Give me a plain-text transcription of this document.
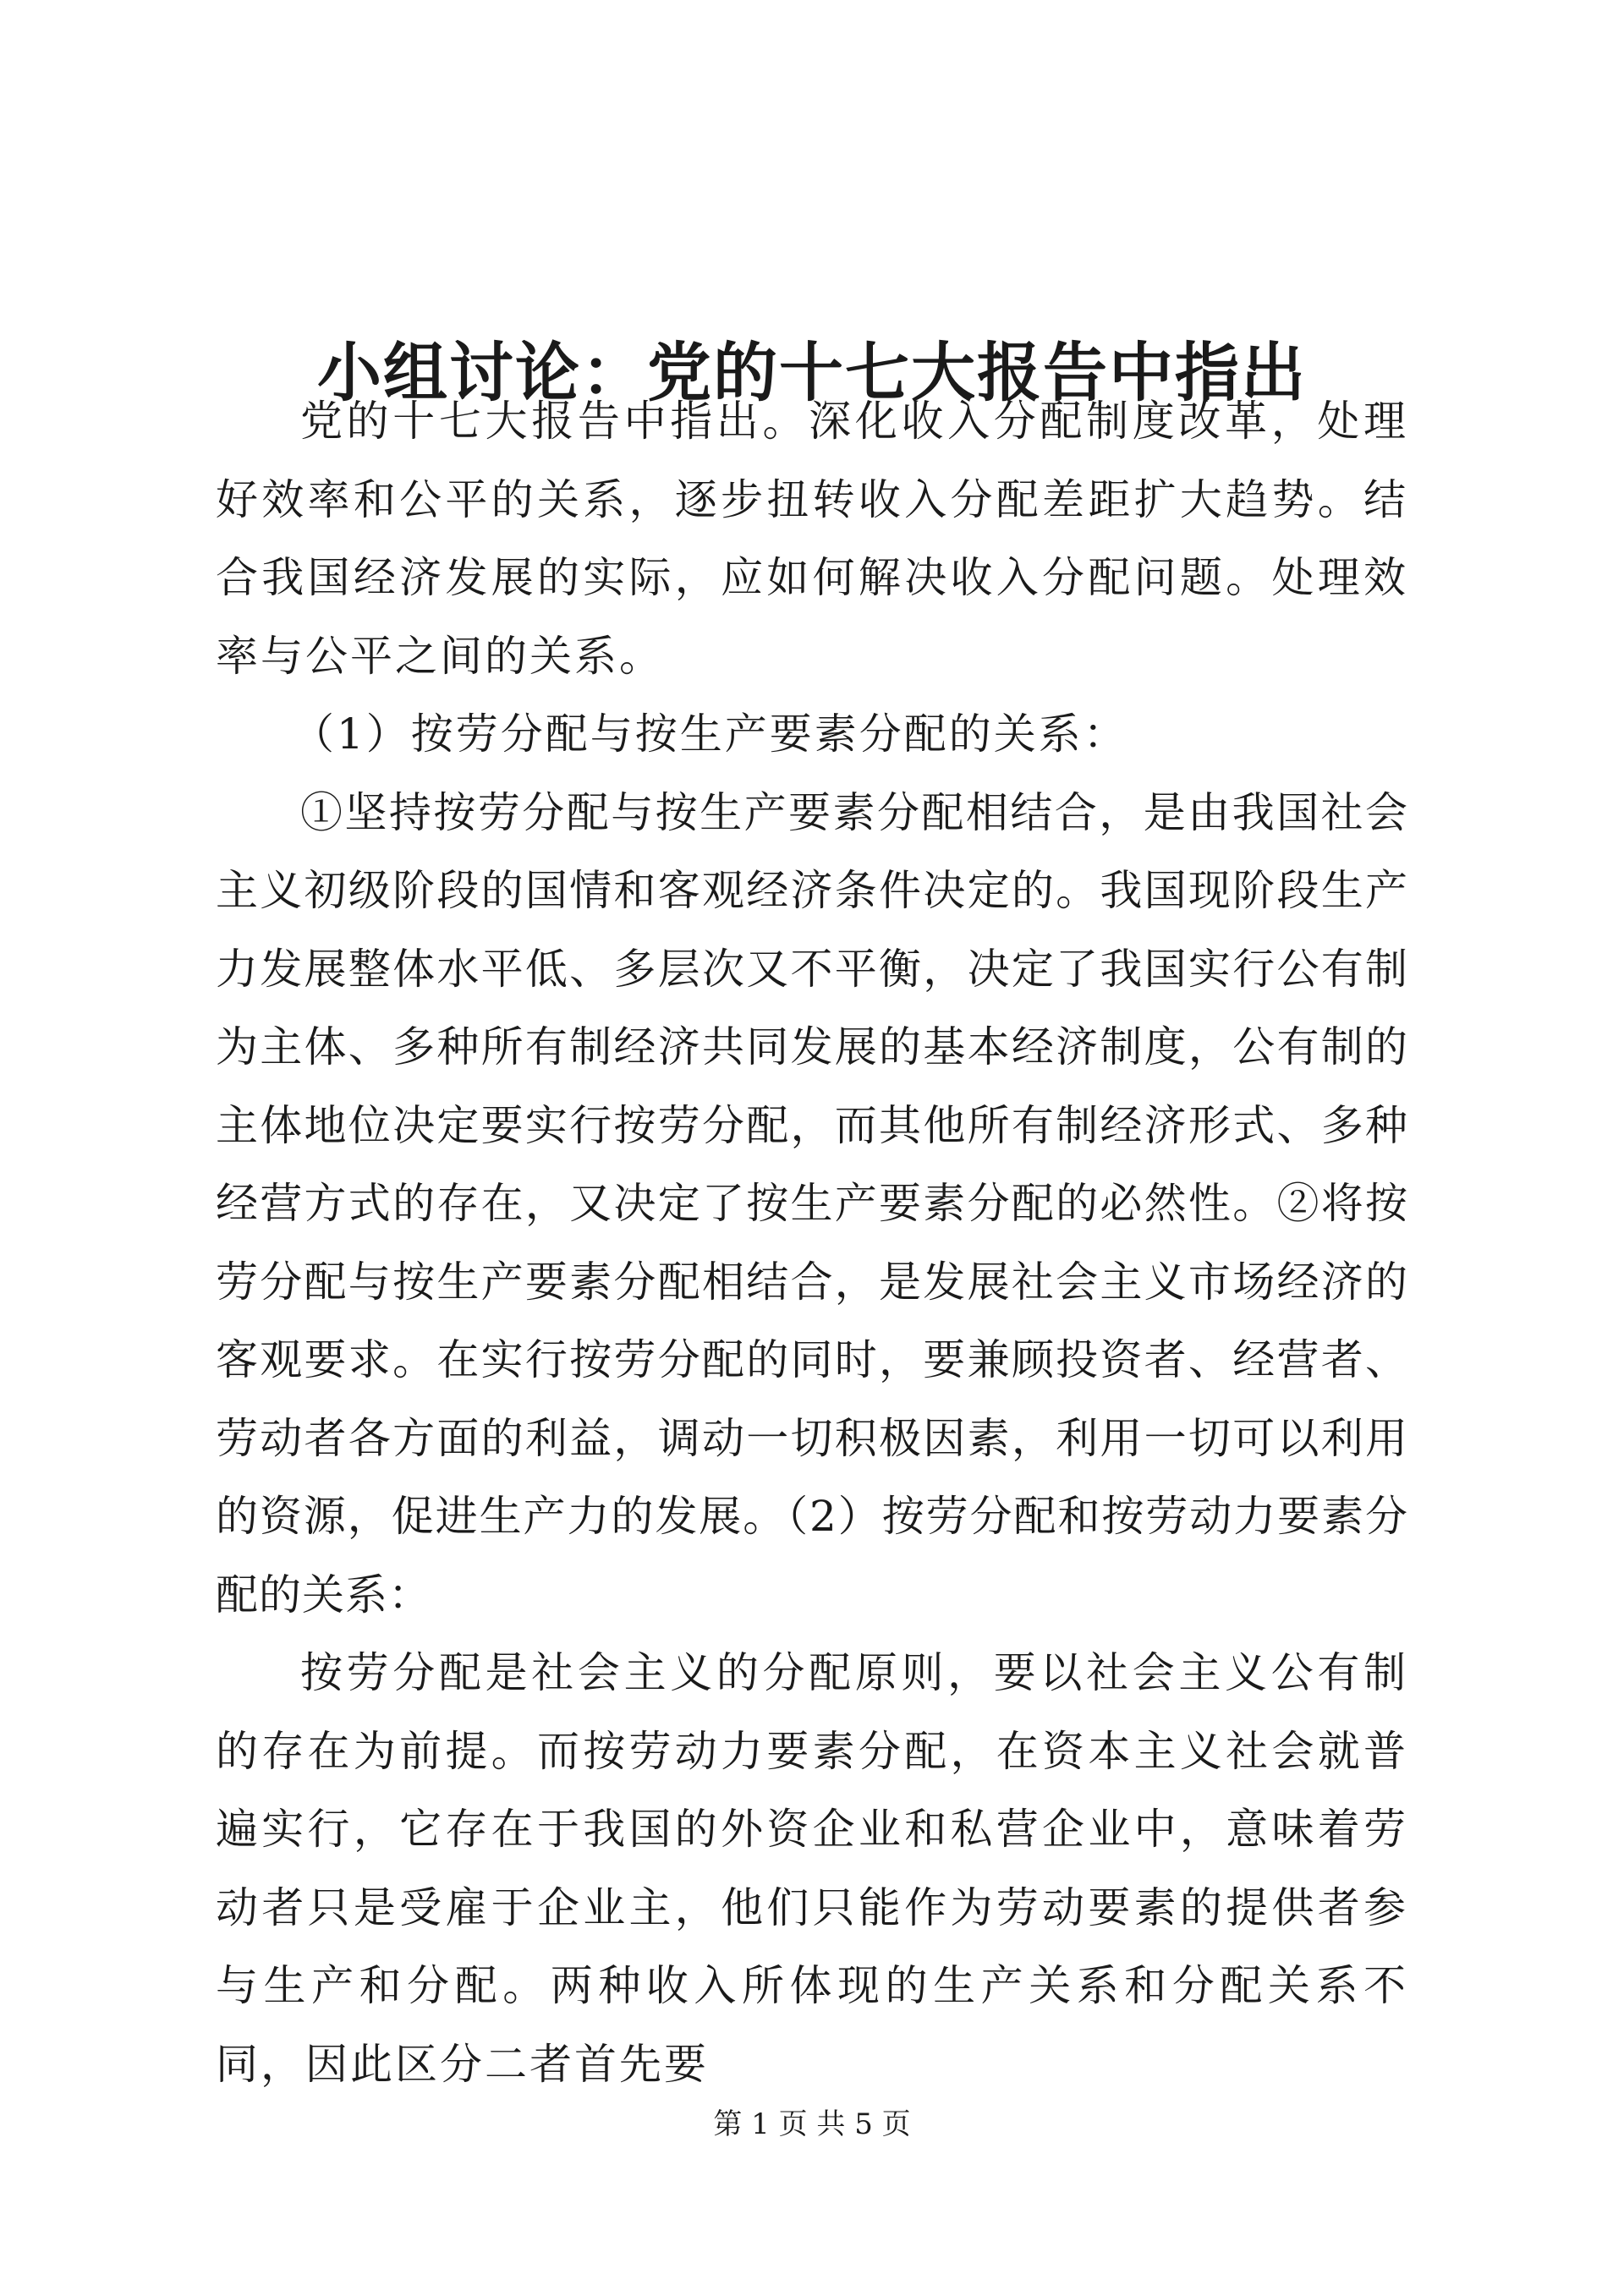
小组讨论：党的十七大报告中指出

党的十七大报告中指出。深化收入分配制度改革，处理好效率和公平的关系，逐步扭转收入分配差距扩大趋势。结合我国经济发展的实际，应如何解决收入分配问题。处理效率与公平之间的关系。

（1）按劳分配与按生产要素分配的关系：

①坚持按劳分配与按生产要素分配相结合，是由我国社会主义初级阶段的国情和客观经济条件决定的。我国现阶段生产力发展整体水平低、多层次又不平衡，决定了我国实行公有制为主体、多种所有制经济共同发展的基本经济制度，公有制的主体地位决定要实行按劳分配，而其他所有制经济形式、多种经营方式的存在，又决定了按生产要素分配的必然性。②将按劳分配与按生产要素分配相结合，是发展社会主义市场经济的客观要求。在实行按劳分配的同时，要兼顾投资者、经营者、劳动者各方面的利益，调动一切积极因素，利用一切可以利用的资源，促进生产力的发展。（2）按劳分配和按劳动力要素分配的关系：

按劳分配是社会主义的分配原则，要以社会主义公有制的存在为前提。而按劳动力要素分配，在资本主义社会就普遍实行，它存在于我国的外资企业和私营企业中，意味着劳动者只是受雇于企业主，他们只能作为劳动要素的提供者参与生产和分配。两种收入所体现的生产关系和分配关系不同，因此区分二者首先要

第 1 页 共 5 页
